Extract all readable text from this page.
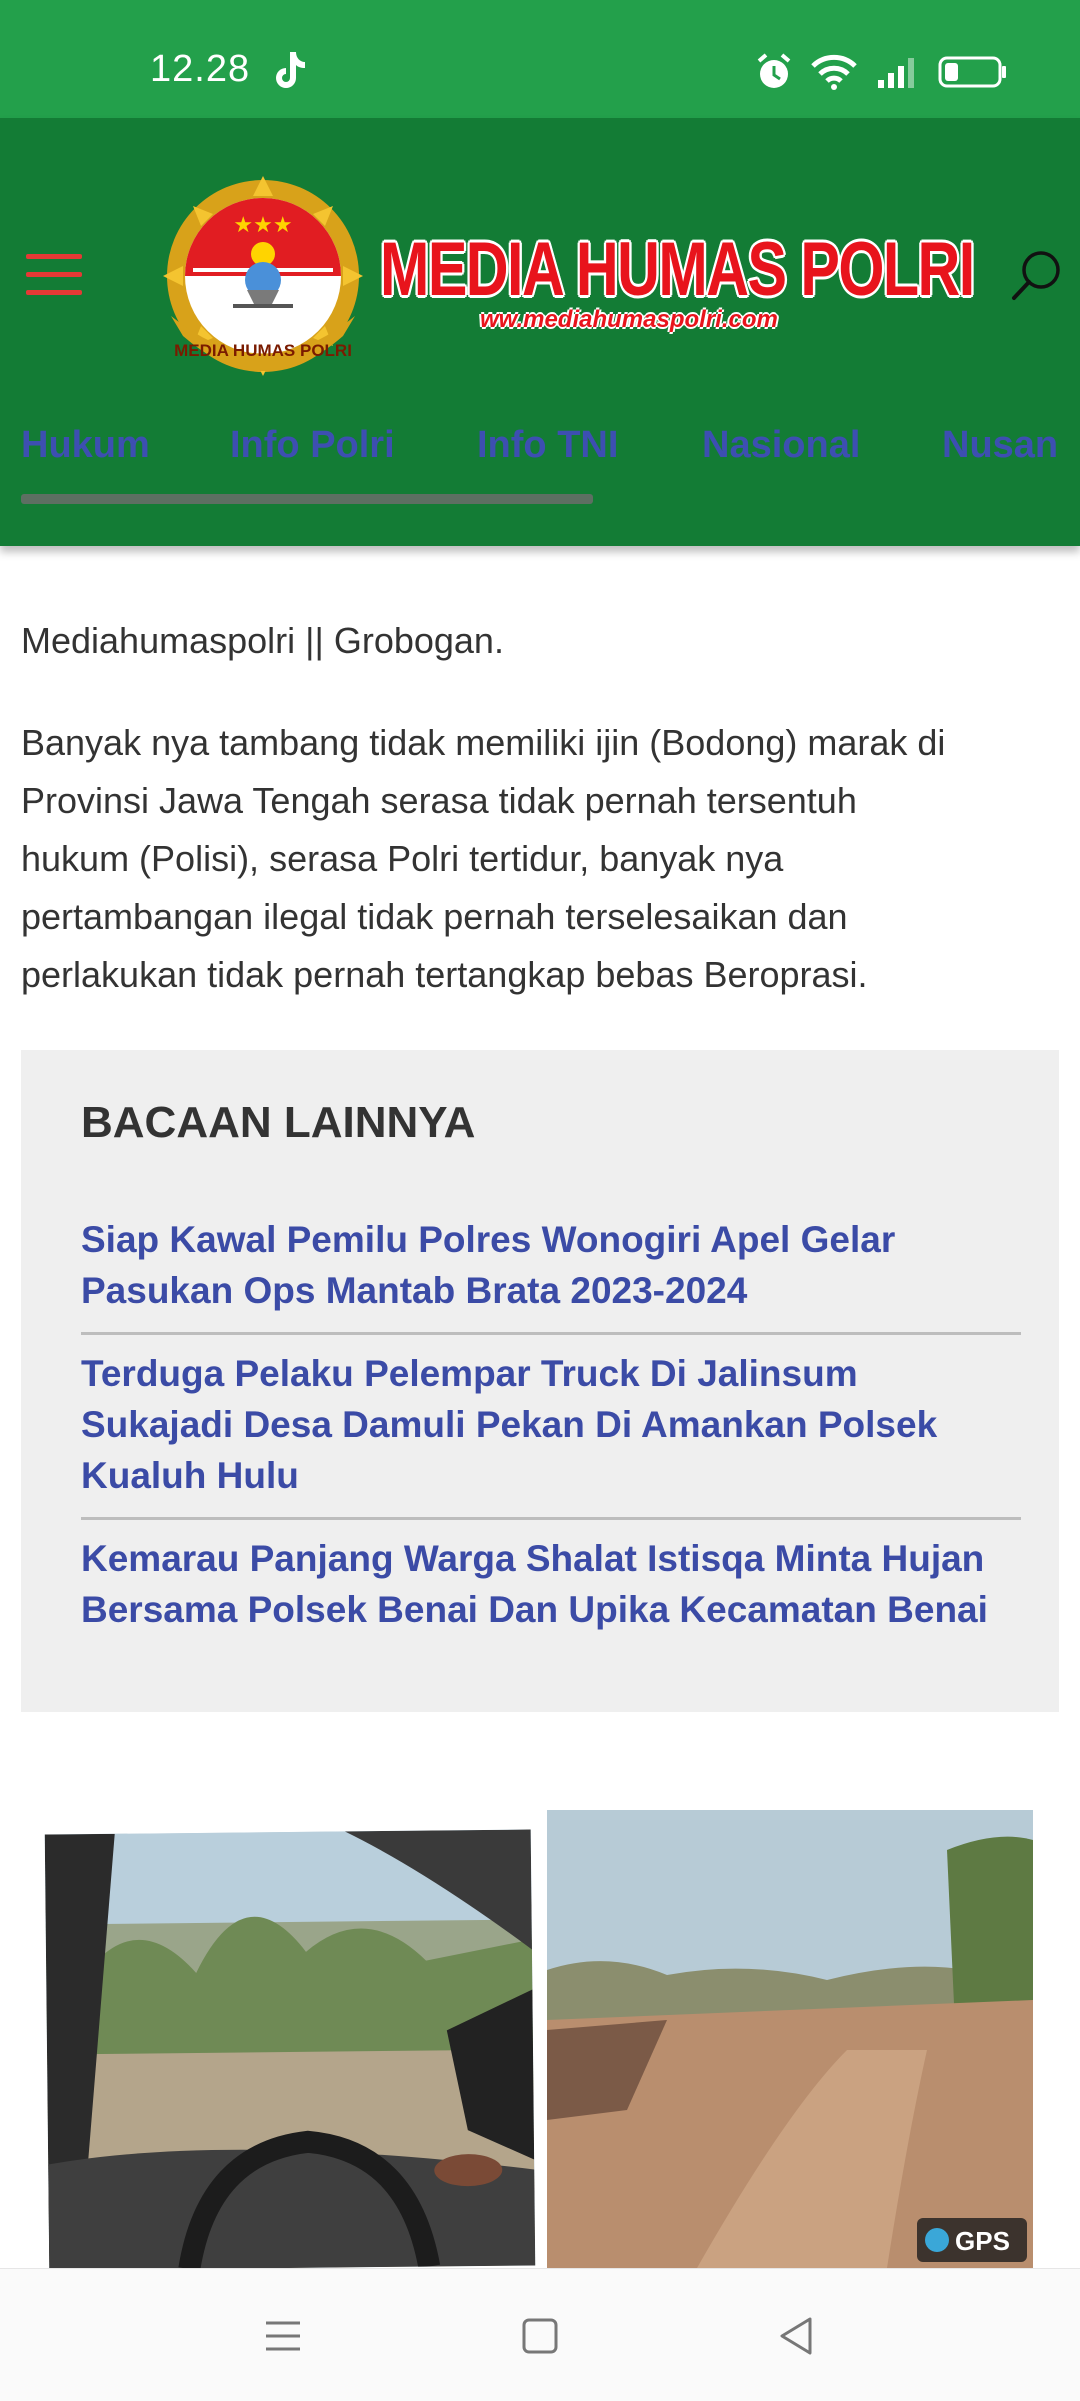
12.28
★★★
MEDIA HUMAS POLRI
MEDIA HUMAS POLRI
ww.mediahumaspolri.com
Hukum Info Polri Info TNI Nasional Nusan

Mediahumaspolri || Grobogan.

Banyak nya tambang tidak memiliki ijin (Bodong) marak di
Provinsi Jawa Tengah serasa tidak pernah tersentuh
hukum (Polisi), serasa Polri tertidur, banyak nya
pertambangan ilegal tidak pernah terselesaikan dan
perlakukan tidak pernah tertangkap bebas Beroprasi.
BACAAN LAINNYA
Siap Kawal Pemilu Polres Wonogiri Apel Gelar
Pasukan Ops Mantab Brata 2023-2024
Terduga Pelaku Pelempar Truck Di Jalinsum
Sukajadi Desa Damuli Pekan Di Amankan Polsek
Kualuh Hulu
Kemarau Panjang Warga Shalat Istisqa Minta Hujan
Bersama Polsek Benai Dan Upika Kecamatan Benai
GPS
